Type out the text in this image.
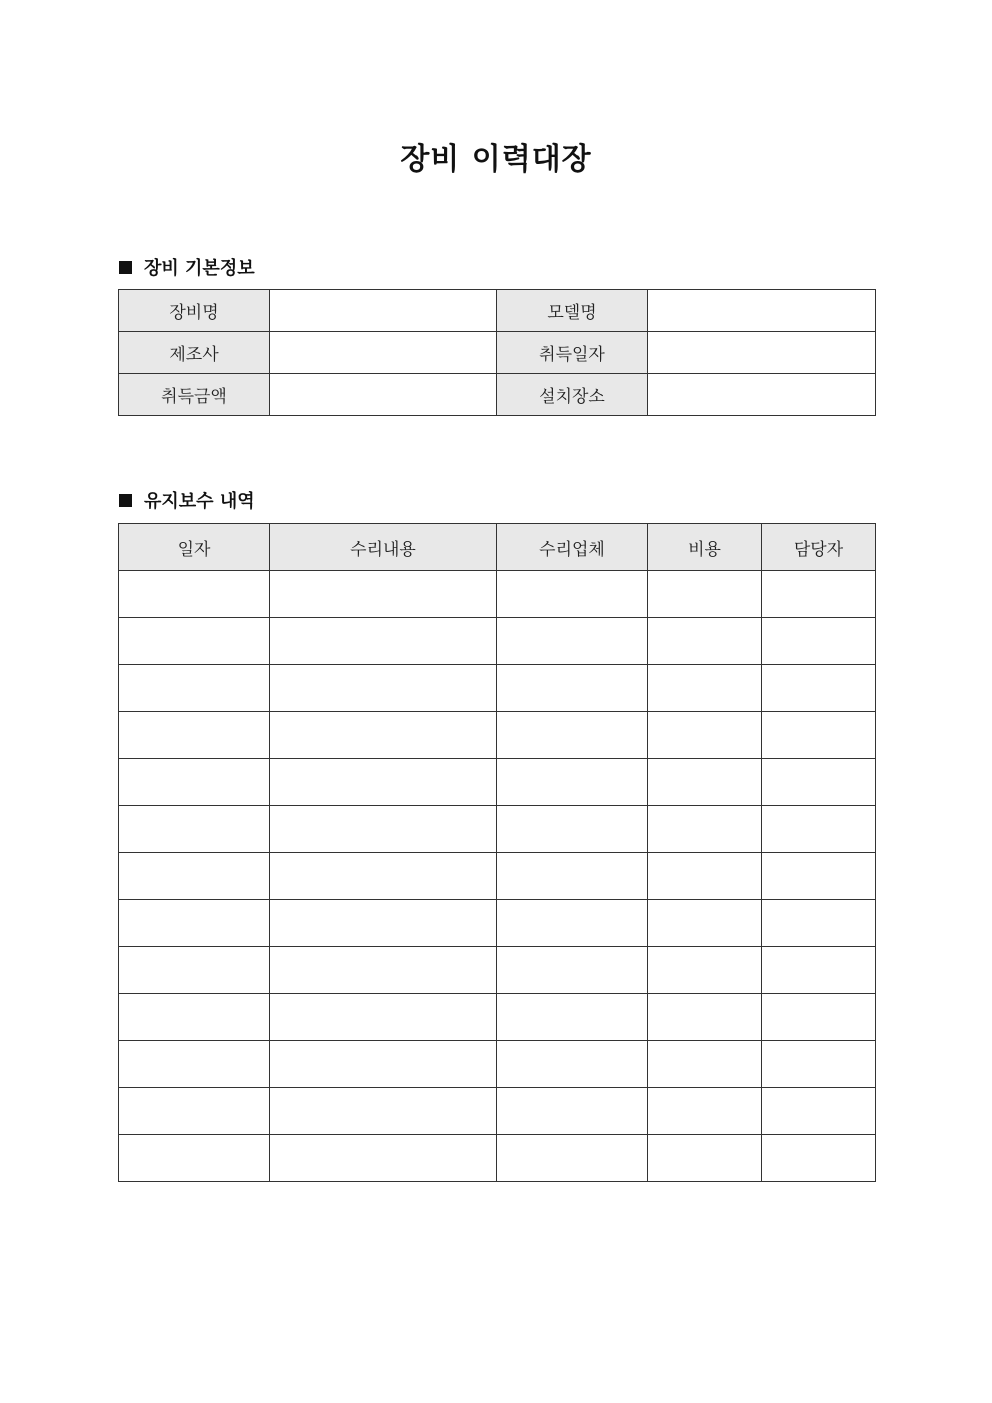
장비 이력대장
장비 기본정보
장비명		모델명	
제조사		취득일자	
취득금액		설치장소	
유지보수 내역
일자	수리내용	수리업체	비용	담당자
